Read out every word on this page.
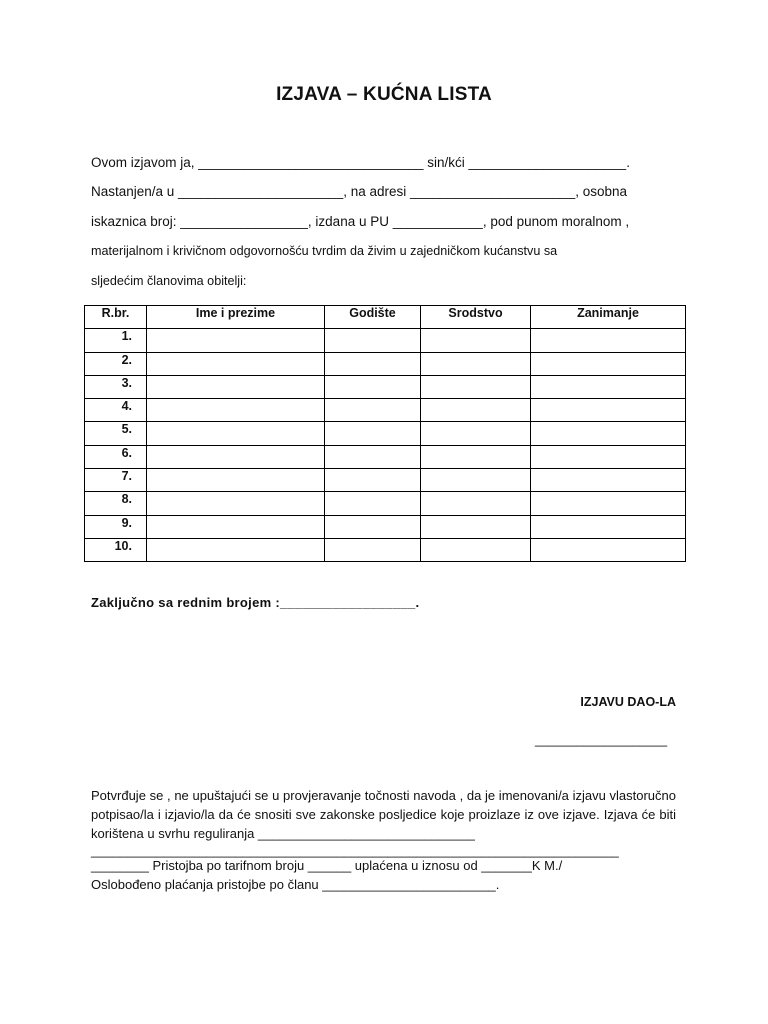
IZJAVA – KUĆNA LISTA
Ovom izjavom ja, ______________________________ sin/kći _____________________.
Nastanjen/a u ______________________, na adresi ______________________, osobna
iskaznica broj: _________________, izdana u PU ____________, pod punom moralnom ,
materijalnom i krivičnom odgovornošću tvrdim da živim u zajedničkom kućanstvu sa
sljedećim članovima obitelji:
R.br.	Ime i prezime	Godište	Srodstvo	Zanimanje
1.				
2.				
3.				
4.				
5.				
6.				
7.				
8.				
9.				
10.				
Zaključno sa rednim brojem :__________________.
IZJAVU DAO-LA
___________________

Potvrđuje se , ne upuštajući se u provjeravanje točnosti navoda , da je imenovani/a izjavu vlastoručno potpisao/la i izjavio/la da će snositi sve zakonske posljedice koje proizlaze iz ove izjave. Izjava će biti korištena u svrhu reguliranja ______________________________

_________________________________________________________________________
________ Pristojba po tarifnom broju ______ uplaćena u iznosu od _______K M./
Oslobođeno plaćanja pristojbe po članu ________________________.
